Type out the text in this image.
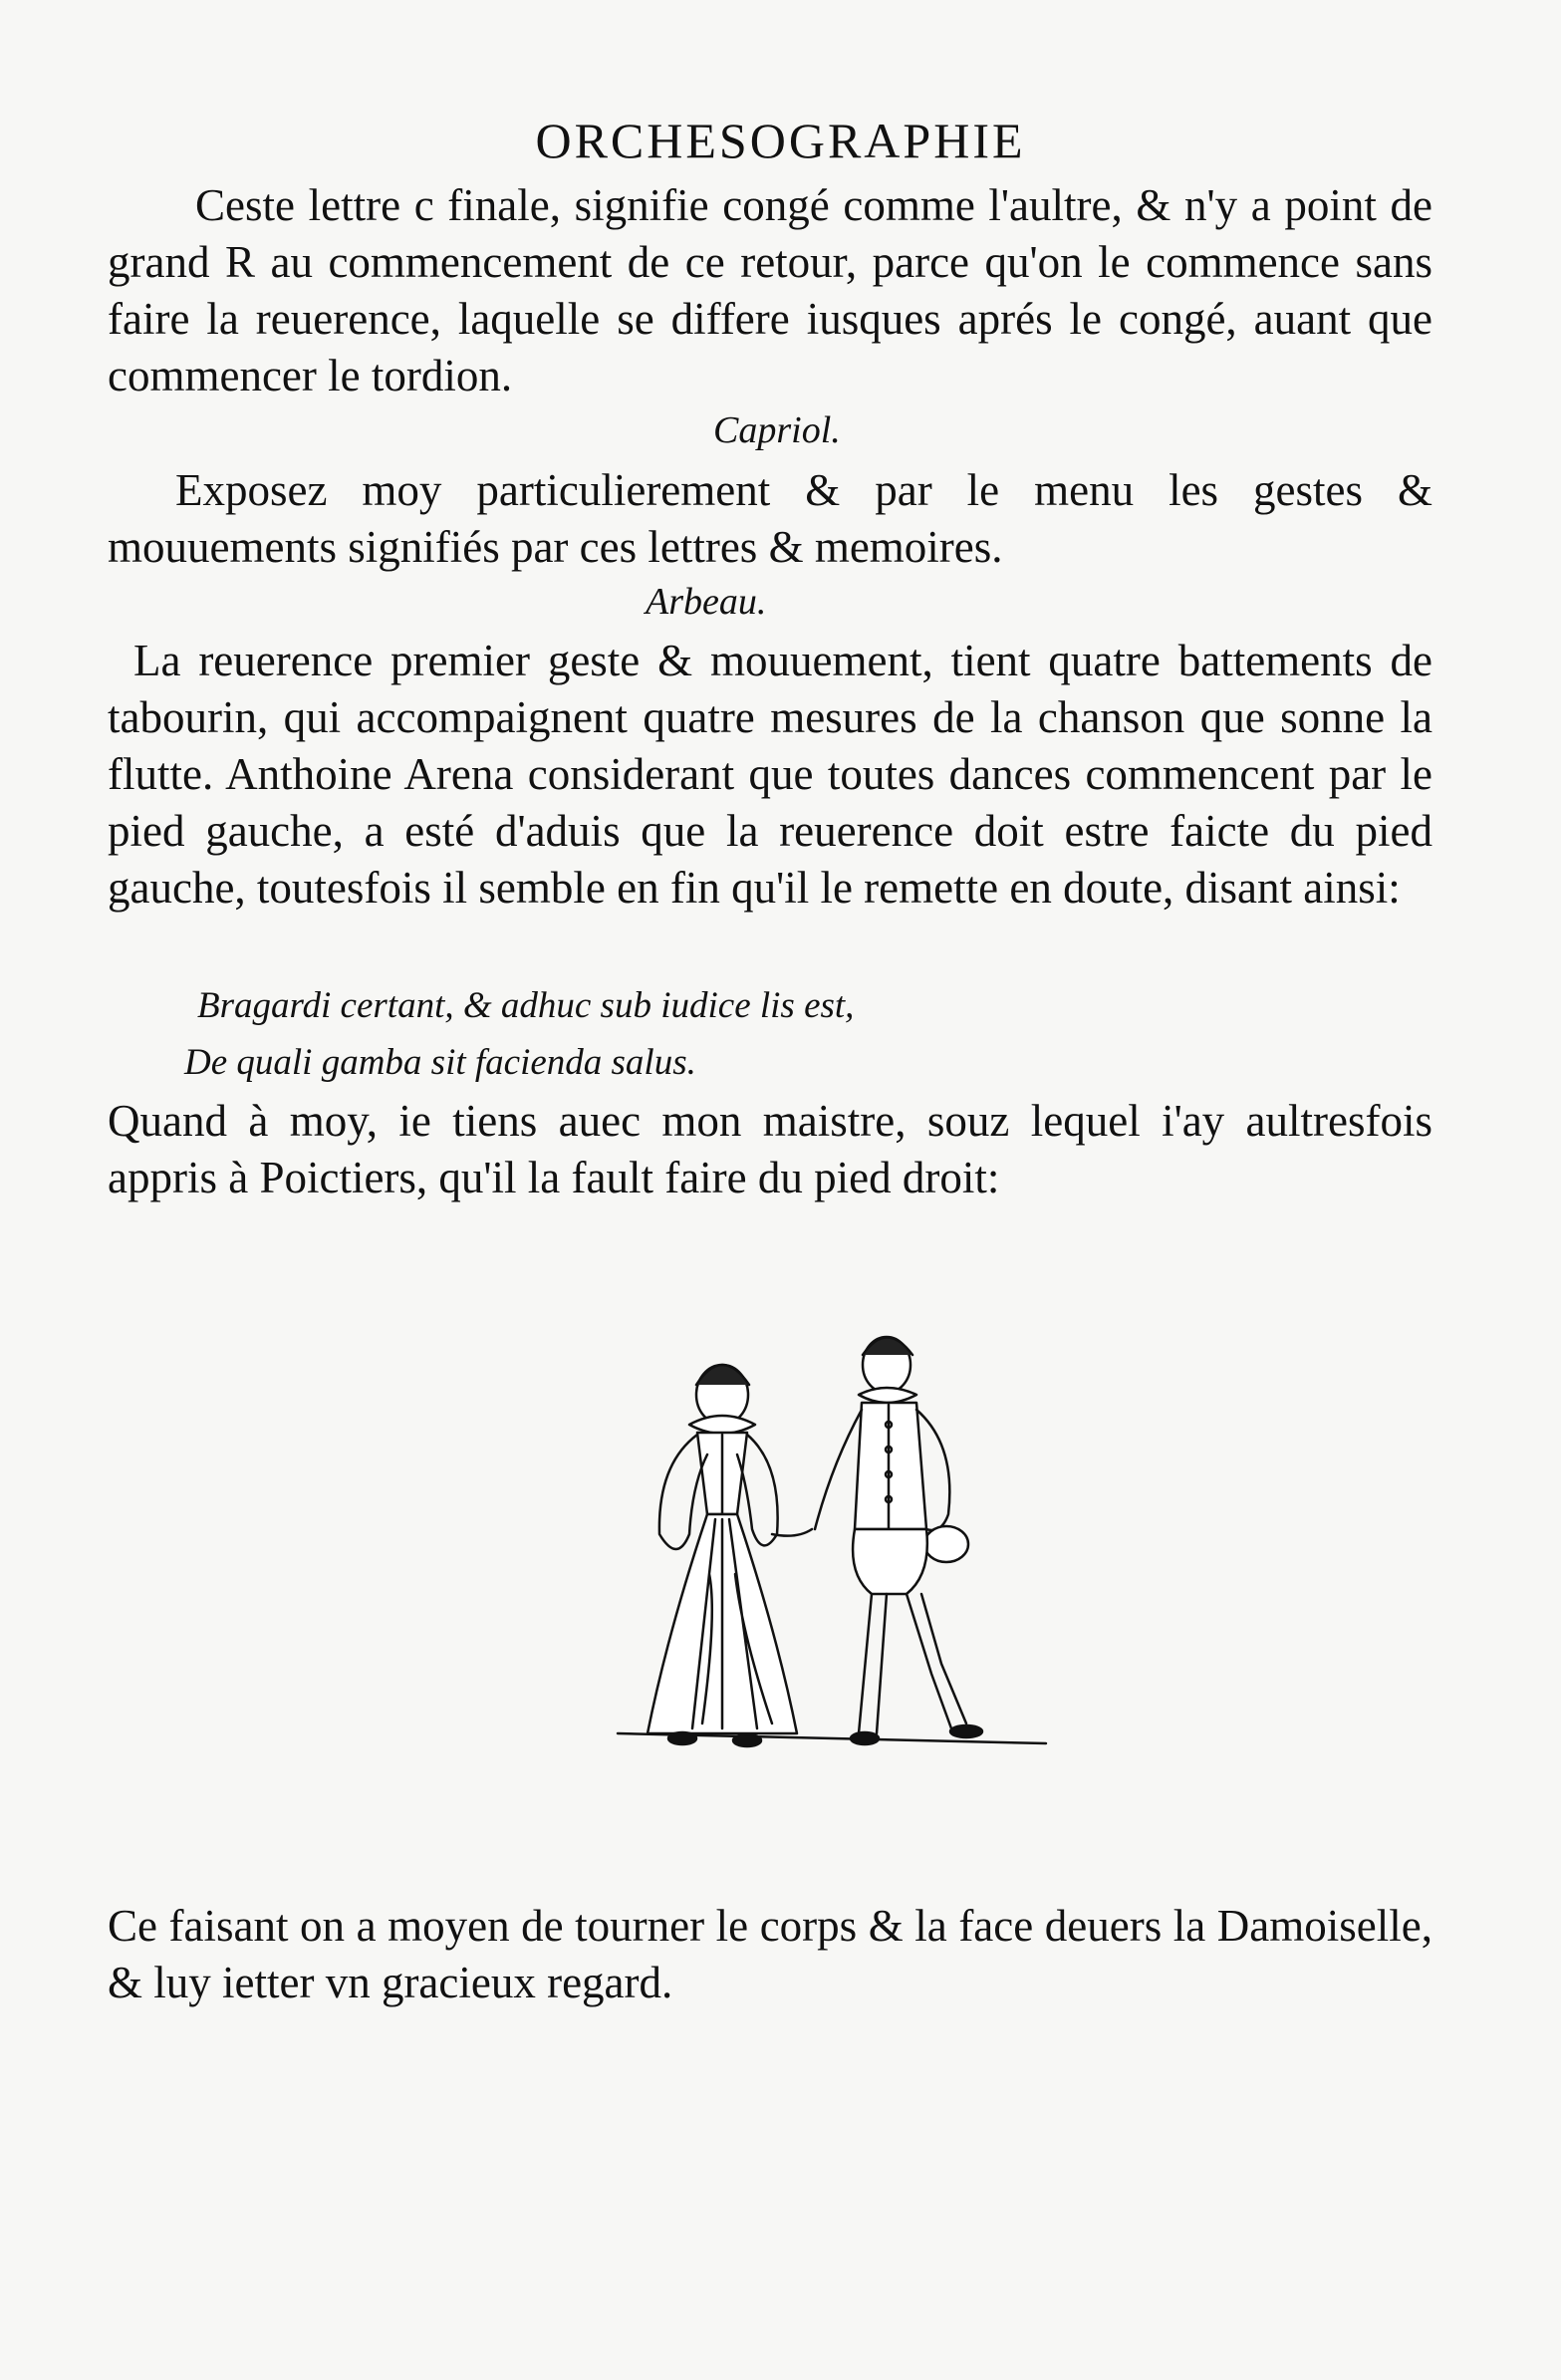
ORCHESOGRAPHIE
Ceste lettre c finale, signifie congé comme l'aultre, & n'y a point de grand R au commencement de ce retour, parce qu'on le commence sans faire la reuerence, laquelle se differe iusques aprés le congé, auant que commencer le tordion.
Capriol.
Exposez moy particulierement & par le menu les gestes & mouuements signifiés par ces lettres & memoires.
Arbeau.
La reuerence premier geste & mouuement, tient quatre battements de tabourin, qui accompaignent quatre mesures de la chanson que sonne la flutte. Anthoine Arena considerant que toutes dances commencent par le pied gauche, a esté d'aduis que la reuerence doit estre faicte du pied gauche, toutesfois il semble en fin qu'il le remette en doute, disant ainsi:
Bragardi certant, & adhuc sub iudice lis est,
De quali gamba sit facienda salus.
Quand à moy, ie tiens auec mon maistre, souz lequel i'ay aultresfois appris à Poictiers, qu'il la fault faire du pied droit:
Ce faisant on a moyen de tourner le corps & la face deuers la Damoiselle, & luy ietter vn gracieux regard.
